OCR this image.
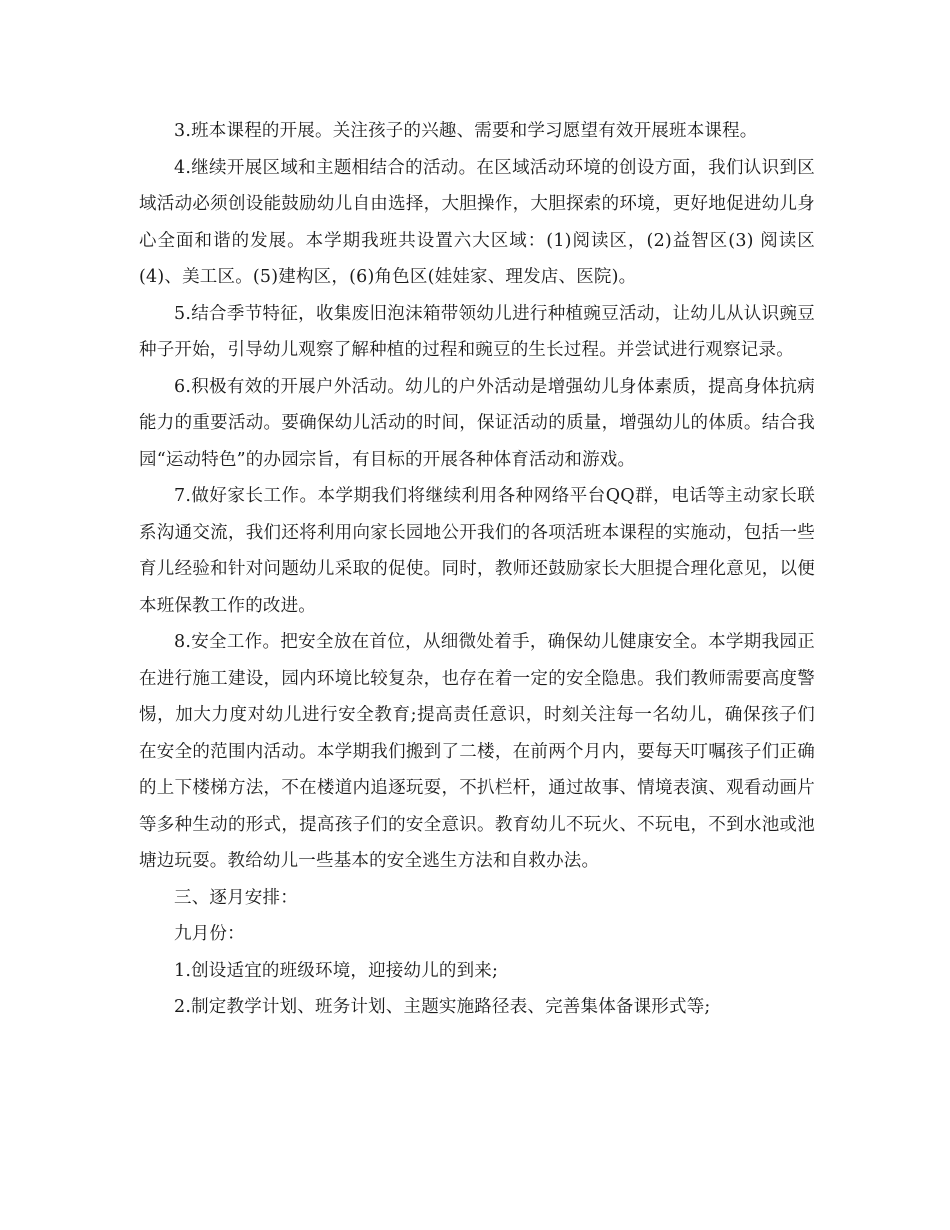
3.班本课程的开展。关注孩子的兴趣、需要和学习愿望有效开展班本课程。

4.继续开展区域和主题相结合的活动。在区域活动环境的创设方面，我们认识到区域活动必须创设能鼓励幼儿自由选择，大胆操作，大胆探索的环境，更好地促进幼儿身心全面和谐的发展。本学期我班共设置六大区域：(1)阅读区，(2)益智区(3) 阅读区(4)、美工区。(5)建构区，(6)角色区(娃娃家、理发店、医院)。

5.结合季节特征，收集废旧泡沫箱带领幼儿进行种植豌豆活动，让幼儿从认识豌豆种子开始，引导幼儿观察了解种植的过程和豌豆的生长过程。并尝试进行观察记录。

6.积极有效的开展户外活动。幼儿的户外活动是增强幼儿身体素质，提高身体抗病能力的重要活动。要确保幼儿活动的时间，保证活动的质量，增强幼儿的体质。结合我园“运动特色”的办园宗旨，有目标的开展各种体育活动和游戏。

7.做好家长工作。本学期我们将继续利用各种网络平台QQ群，电话等主动家长联系沟通交流，我们还将利用向家长园地公开我们的各项活班本课程的实施动，包括一些育儿经验和针对问题幼儿采取的促使。同时，教师还鼓励家长大胆提合理化意见，以便本班保教工作的改进。

8.安全工作。把安全放在首位，从细微处着手，确保幼儿健康安全。本学期我园正在进行施工建设，园内环境比较复杂，也存在着一定的安全隐患。我们教师需要高度警惕，加大力度对幼儿进行安全教育;提高责任意识，时刻关注每一名幼儿，确保孩子们在安全的范围内活动。本学期我们搬到了二楼，在前两个月内，要每天叮嘱孩子们正确的上下楼梯方法，不在楼道内追逐玩耍，不扒栏杆，通过故事、情境表演、观看动画片等多种生动的形式，提高孩子们的安全意识。教育幼儿不玩火、不玩电，不到水池或池塘边玩耍。教给幼儿一些基本的安全逃生方法和自救办法。

三、逐月安排：

九月份：

1.创设适宜的班级环境，迎接幼儿的到来;

2.制定教学计划、班务计划、主题实施路径表、完善集体备课形式等;
